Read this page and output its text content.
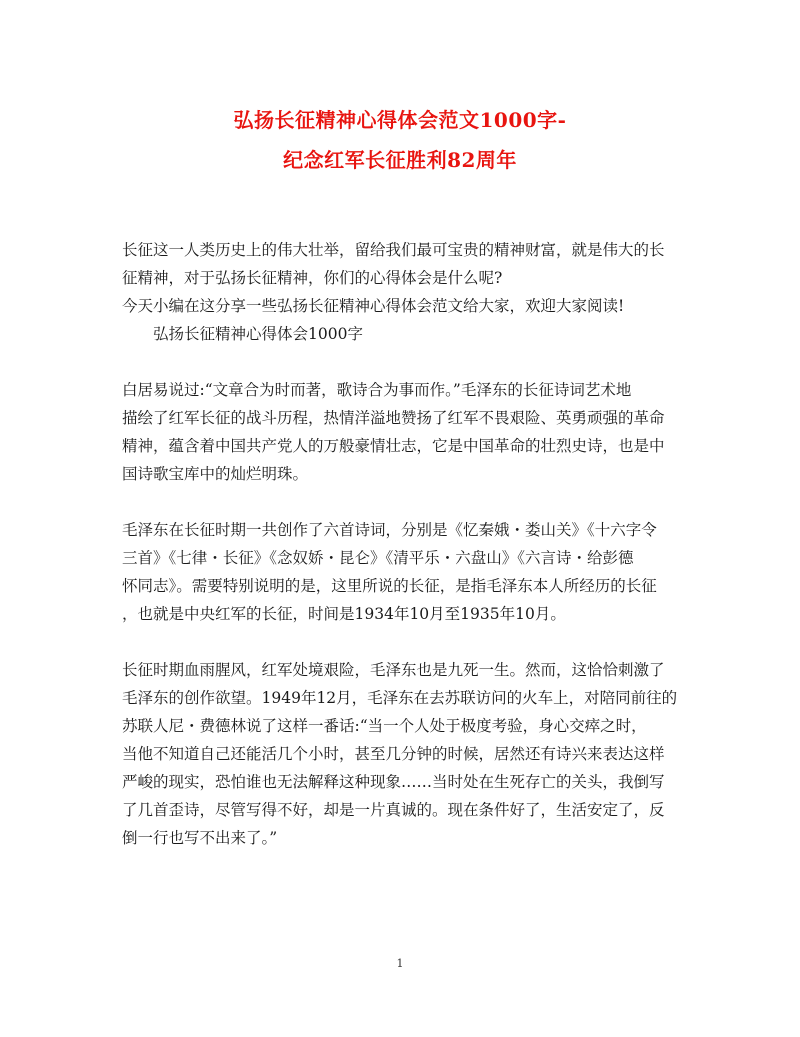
弘扬长征精神心得体会范文1000字-
纪念红军长征胜利82周年

长征这一人类历史上的伟大壮举，留给我们最可宝贵的精神财富，就是伟大的长
征精神，对于弘扬长征精神，你们的心得体会是什么呢?

今天小编在这分享一些弘扬长征精神心得体会范文给大家，欢迎大家阅读!

弘扬长征精神心得体会1000字

白居易说过:“文章合为时而著，歌诗合为事而作。”毛泽东的长征诗词艺术地
描绘了红军长征的战斗历程，热情洋溢地赞扬了红军不畏艰险、英勇顽强的革命
精神，蕴含着中国共产党人的万般豪情壮志，它是中国革命的壮烈史诗，也是中
国诗歌宝库中的灿烂明珠。

毛泽东在长征时期一共创作了六首诗词，分别是《忆秦娥・娄山关》《十六字令
三首》《七律・长征》《念奴娇・昆仑》《清平乐・六盘山》《六言诗・给彭德
怀同志》。需要特别说明的是，这里所说的长征，是指毛泽东本人所经历的长征
，也就是中央红军的长征，时间是1934年10月至1935年10月。

长征时期血雨腥风，红军处境艰险，毛泽东也是九死一生。然而，这恰恰刺激了
毛泽东的创作欲望。1949年12月，毛泽东在去苏联访问的火车上，对陪同前往的
苏联人尼・费德林说了这样一番话:“当一个人处于极度考验，身心交瘁之时，
当他不知道自己还能活几个小时，甚至几分钟的时候，居然还有诗兴来表达这样
严峻的现实，恐怕谁也无法解释这种现象……当时处在生死存亡的关头，我倒写
了几首歪诗，尽管写得不好，却是一片真诚的。现在条件好了，生活安定了，反
倒一行也写不出来了。”

1
